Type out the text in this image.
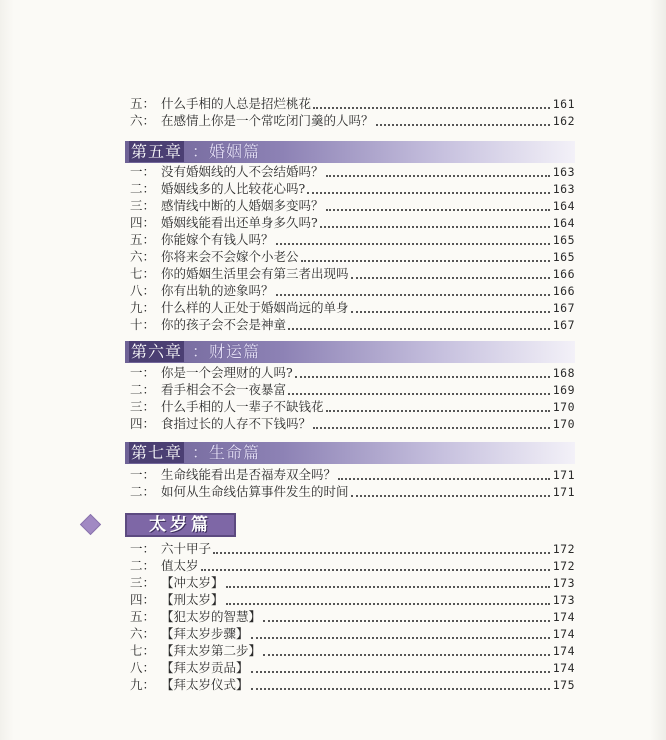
五： 什么手相的人总是招烂桃花	161
六： 在感情上你是一个常吃闭门羹的人吗？	162
第五章 ：婚姻篇
一： 没有婚姻线的人不会结婚吗？	163
二： 婚姻线多的人比较花心吗?	163
三： 感情线中断的人婚姻多变吗？	164
四： 婚姻线能看出还单身多久吗?	164
五： 你能嫁个有钱人吗？	165
六： 你将来会不会嫁个小老公	165
七： 你的婚姻生活里会有第三者出现吗	166
八： 你有出轨的迹象吗？	166
九： 什么样的人正处于婚姻尚远的单身	167
十： 你的孩子会不会是神童	167
第六章 ：财运篇
一： 你是一个会理财的人吗?	168
二： 看手相会不会一夜暴富	169
三： 什么手相的人一辈子不缺钱花	170
四： 食指过长的人存不下钱吗？	170
第七章 ：生命篇
一： 生命线能看出是否福寿双全吗？	171
二： 如何从生命线估算事件发生的时间	171
太岁篇
一： 六十甲子	172
二： 值太岁	172
三： 【冲太岁】	173
四： 【刑太岁】	173
五： 【犯太岁的智慧】	174
六： 【拜太岁步骤】	174
七： 【拜太岁第二步】	174
八： 【拜太岁贡品】	174
九： 【拜太岁仪式】	175
